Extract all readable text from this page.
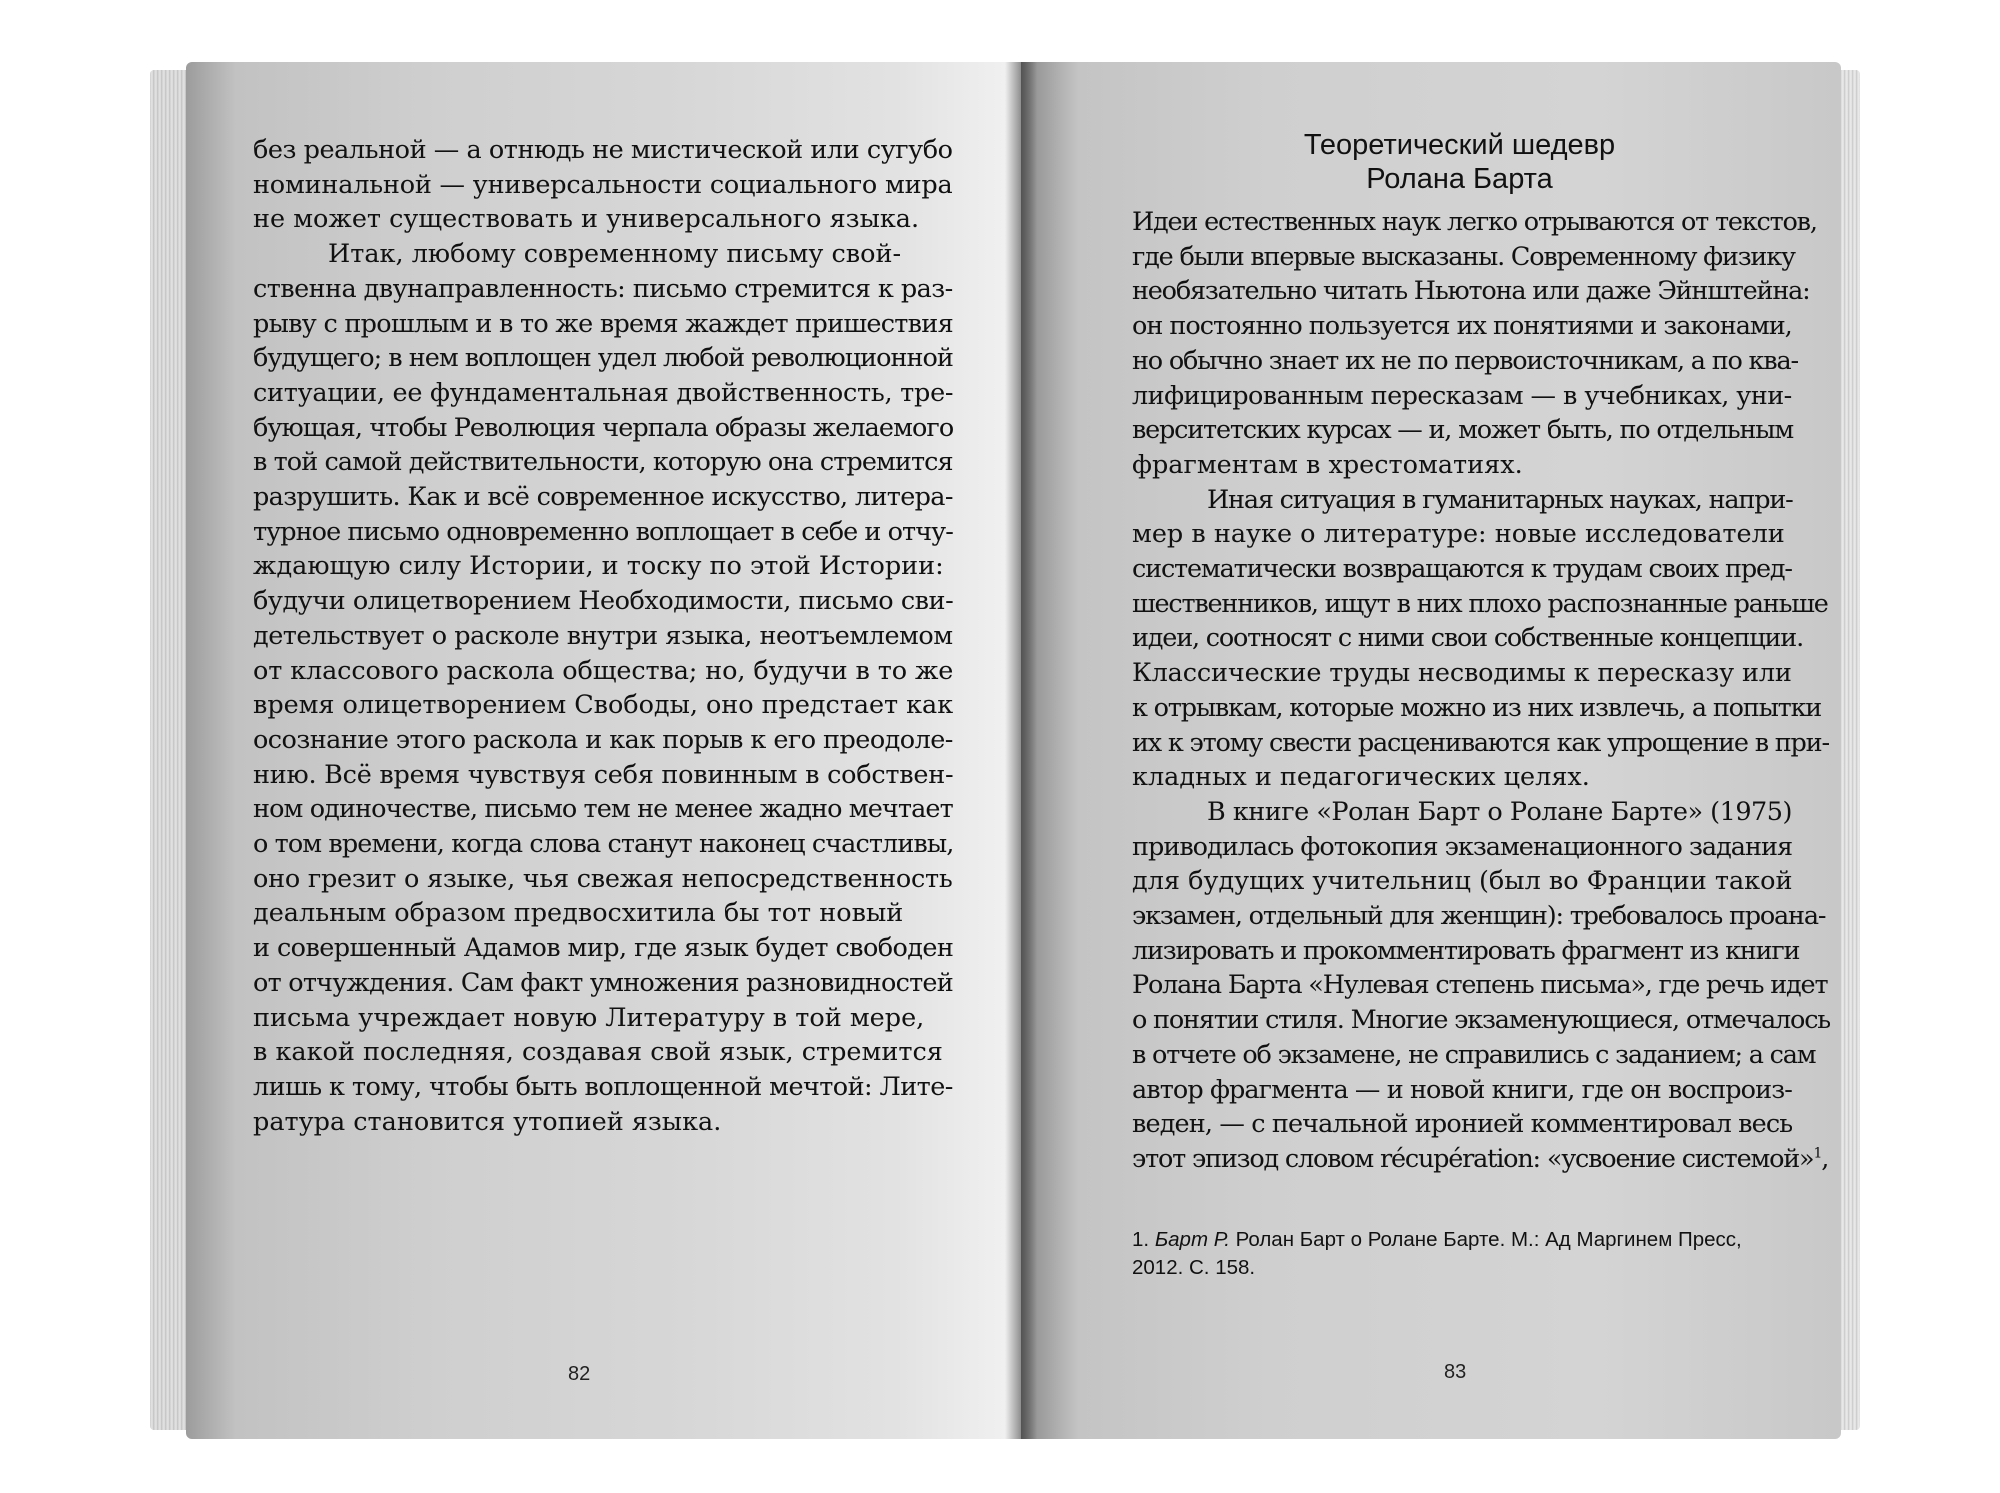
без реальной — а отнюдь не мистической или сугубо
номинальной — универсальности социального мира
не может существовать и универсального языка.
Итак, любому современному письму свой-
ственна двунаправленность: письмо стремится к раз-
рыву с прошлым и в то же время жаждет пришествия
будущего; в нем воплощен удел любой революционной
ситуации, ее фундаментальная двойственность, тре-
бующая, чтобы Революция черпала образы желаемого
в той самой действительности, которую она стремится
разрушить. Как и всё современное искусство, литера-
турное письмо одновременно воплощает в себе и отчу-
ждающую силу Истории, и тоску по этой Истории:
будучи олицетворением Необходимости, письмо сви-
детельствует о расколе внутри языка, неотъемлемом
от классового раскола общества; но, будучи в то же
время олицетворением Свободы, оно предстает как
осознание этого раскола и как порыв к его преодоле-
нию. Всё время чувствуя себя повинным в собствен-
ном одиночестве, письмо тем не менее жадно мечтает
о том времени, когда слова станут наконец счастливы,
оно грезит о языке, чья свежая непосредственность
деальным образом предвосхитила бы тот новый
и совершенный Адамов мир, где язык будет свободен
от отчуждения. Сам факт умножения разновидностей
письма учреждает новую Литературу в той мере,
в какой последняя, создавая свой язык, стремится
лишь к тому, чтобы быть воплощенной мечтой: Лите-
ратура становится утопией языка.
82
Теоретический шедевр
Ролана Барта
Идеи естественных наук легко отрываются от текстов,
где были впервые высказаны. Современному физику
необязательно читать Ньютона или даже Эйнштейна:
он постоянно пользуется их понятиями и законами,
но обычно знает их не по первоисточникам, а по ква-
лифицированным пересказам — в учебниках, уни-
верситетских курсах — и, может быть, по отдельным
фрагментам в хрестоматиях.
Иная ситуация в гуманитарных науках, напри-
мер в науке о литературе: новые исследователи
систематически возвращаются к трудам своих пред-
шественников, ищут в них плохо распознанные раньше
идеи, соотносят с ними свои собственные концепции.
Классические труды несводимы к пересказу или
к отрывкам, которые можно из них извлечь, а попытки
их к этому свести расцениваются как упрощение в при-
кладных и педагогических целях.
В книге «Ролан Барт о Ролане Барте» (1975)
приводилась фотокопия экзаменационного задания
для будущих учительниц (был во Франции такой
экзамен, отдельный для женщин): требовалось проана-
лизировать и прокомментировать фрагмент из книги
Ролана Барта «Нулевая степень письма», где речь идет
о понятии стиля. Многие экзаменующиеся, отмечалось
в отчете об экзамене, не справились с заданием; а сам
автор фрагмента — и новой книги, где он воспроиз-
веден, — с печальной иронией комментировал весь
этот эпизод словом récupération: «усвоение системой»$^1$,
1. Барт Р. Ролан Барт о Ролане Барте. М.: Ад Маргинем Пресс,
2012. С. 158.
83
